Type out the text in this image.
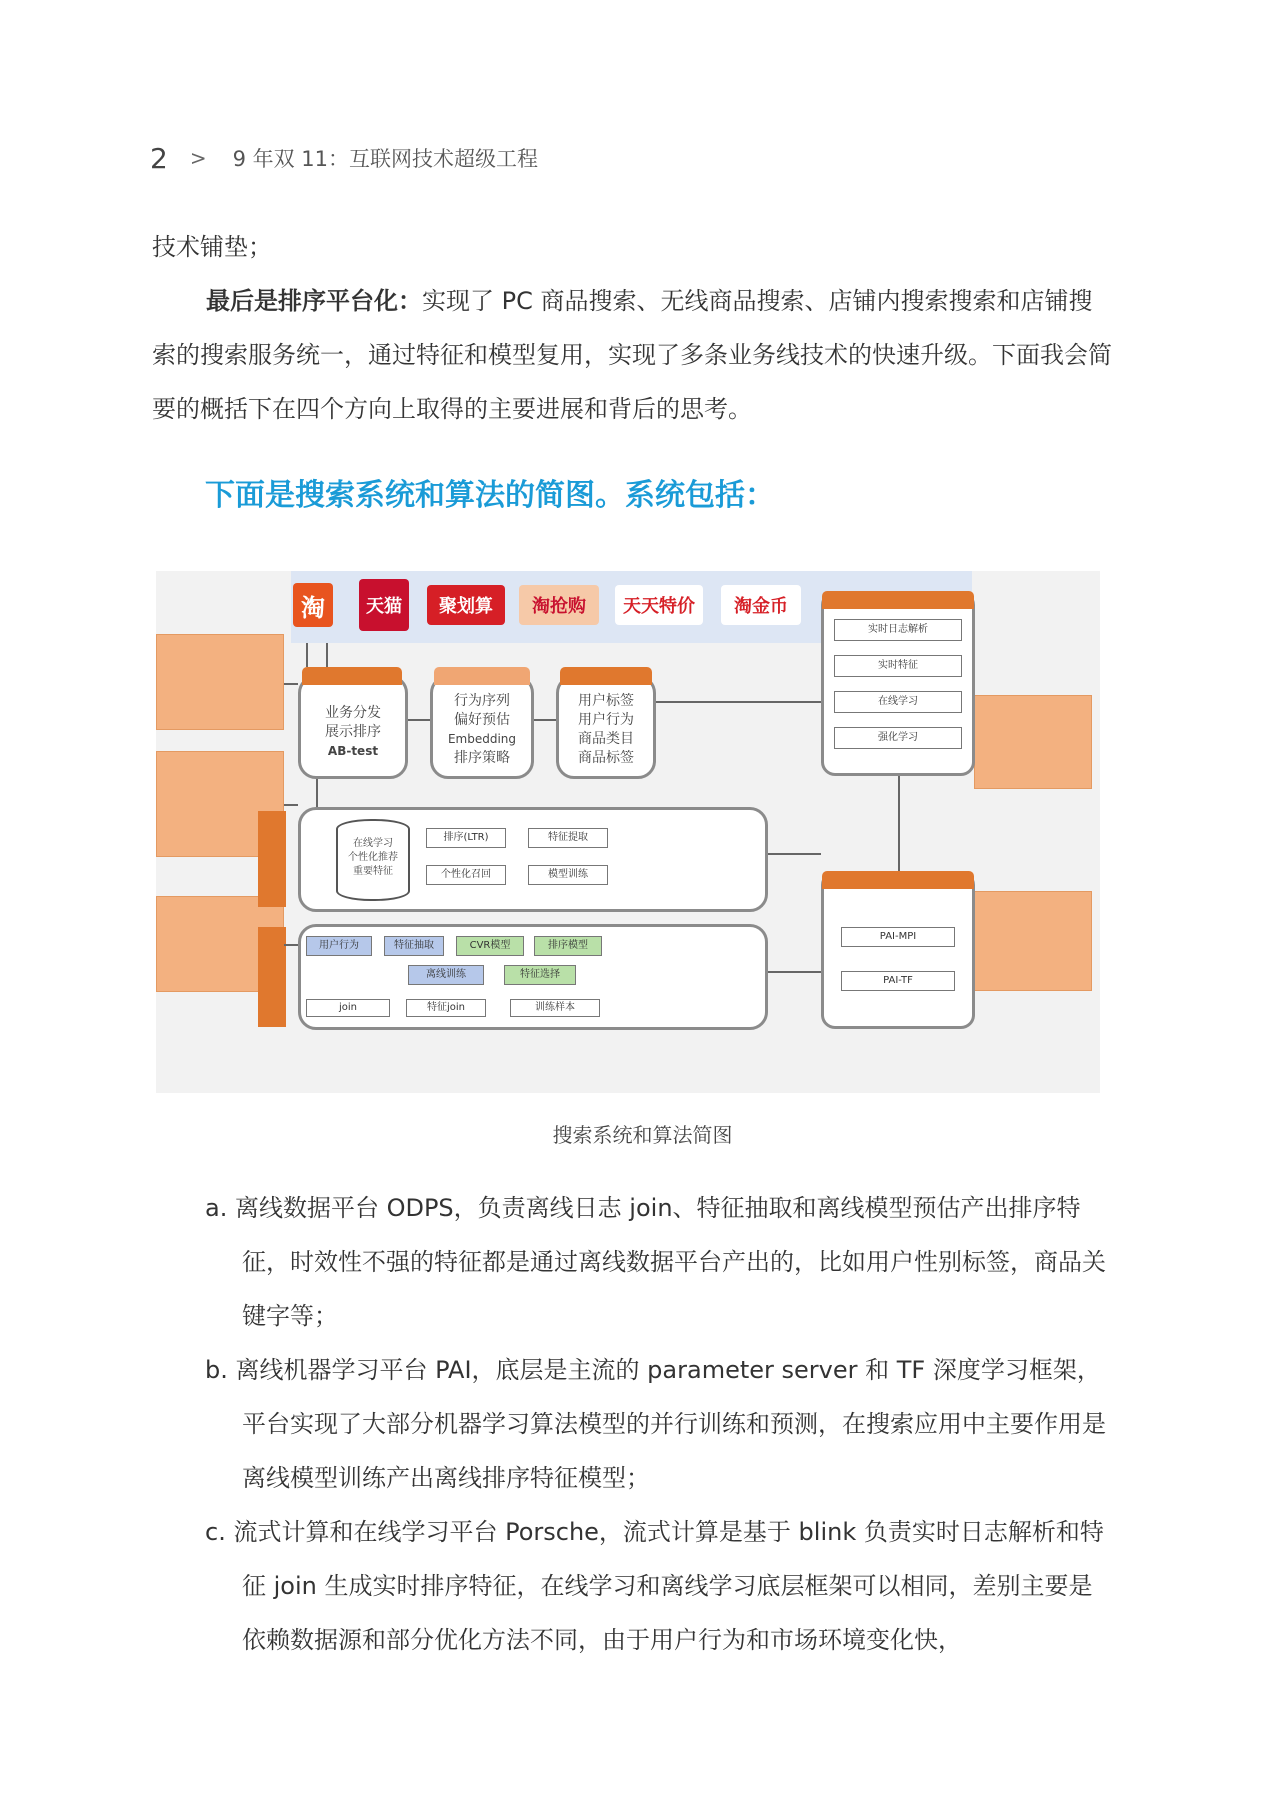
2 > 9 年双 11：互联网技术超级工程
技术铺垫；
最后是排序平台化：实现了 PC 商品搜索、无线商品搜索、店铺内搜索搜索和店铺搜索的搜索服务统一，通过特征和模型复用，实现了多条业务线技术的快速升级。下面我会简要的概括下在四个方向上取得的主要进展和背后的思考。
下面是搜索系统和算法的简图。系统包括：
淘	天猫	聚划算	淘抢购	天天特价	淘金币

业务分发
展示排序
AB-test

行为序列
偏好预估
Embedding
排序策略

用户标签
用户行为
商品类目
商品标签

实时日志解析
实时特征
在线学习
强化学习

在线学习
个性化推荐
重要特征
排序(LTR)	特征提取
个性化召回	模型训练

用户行为	特征抽取	CVR模型	排序模型
离线训练	特征选择
join	特征join	训练样本

PAI-MPI
PAI-TF
搜索系统和算法简图
a. 离线数据平台 ODPS，负责离线日志 join、特征抽取和离线模型预估产出排序特征，时效性不强的特征都是通过离线数据平台产出的，比如用户性别标签，商品关键字等；
b. 离线机器学习平台 PAI，底层是主流的 parameter server 和 TF 深度学习框架，平台实现了大部分机器学习算法模型的并行训练和预测，在搜索应用中主要作用是离线模型训练产出离线排序特征模型；
c. 流式计算和在线学习平台 Porsche，流式计算是基于 blink 负责实时日志解析和特征 join 生成实时排序特征，在线学习和离线学习底层框架可以相同，差别主要是依赖数据源和部分优化方法不同，由于用户行为和市场环境变化快，
